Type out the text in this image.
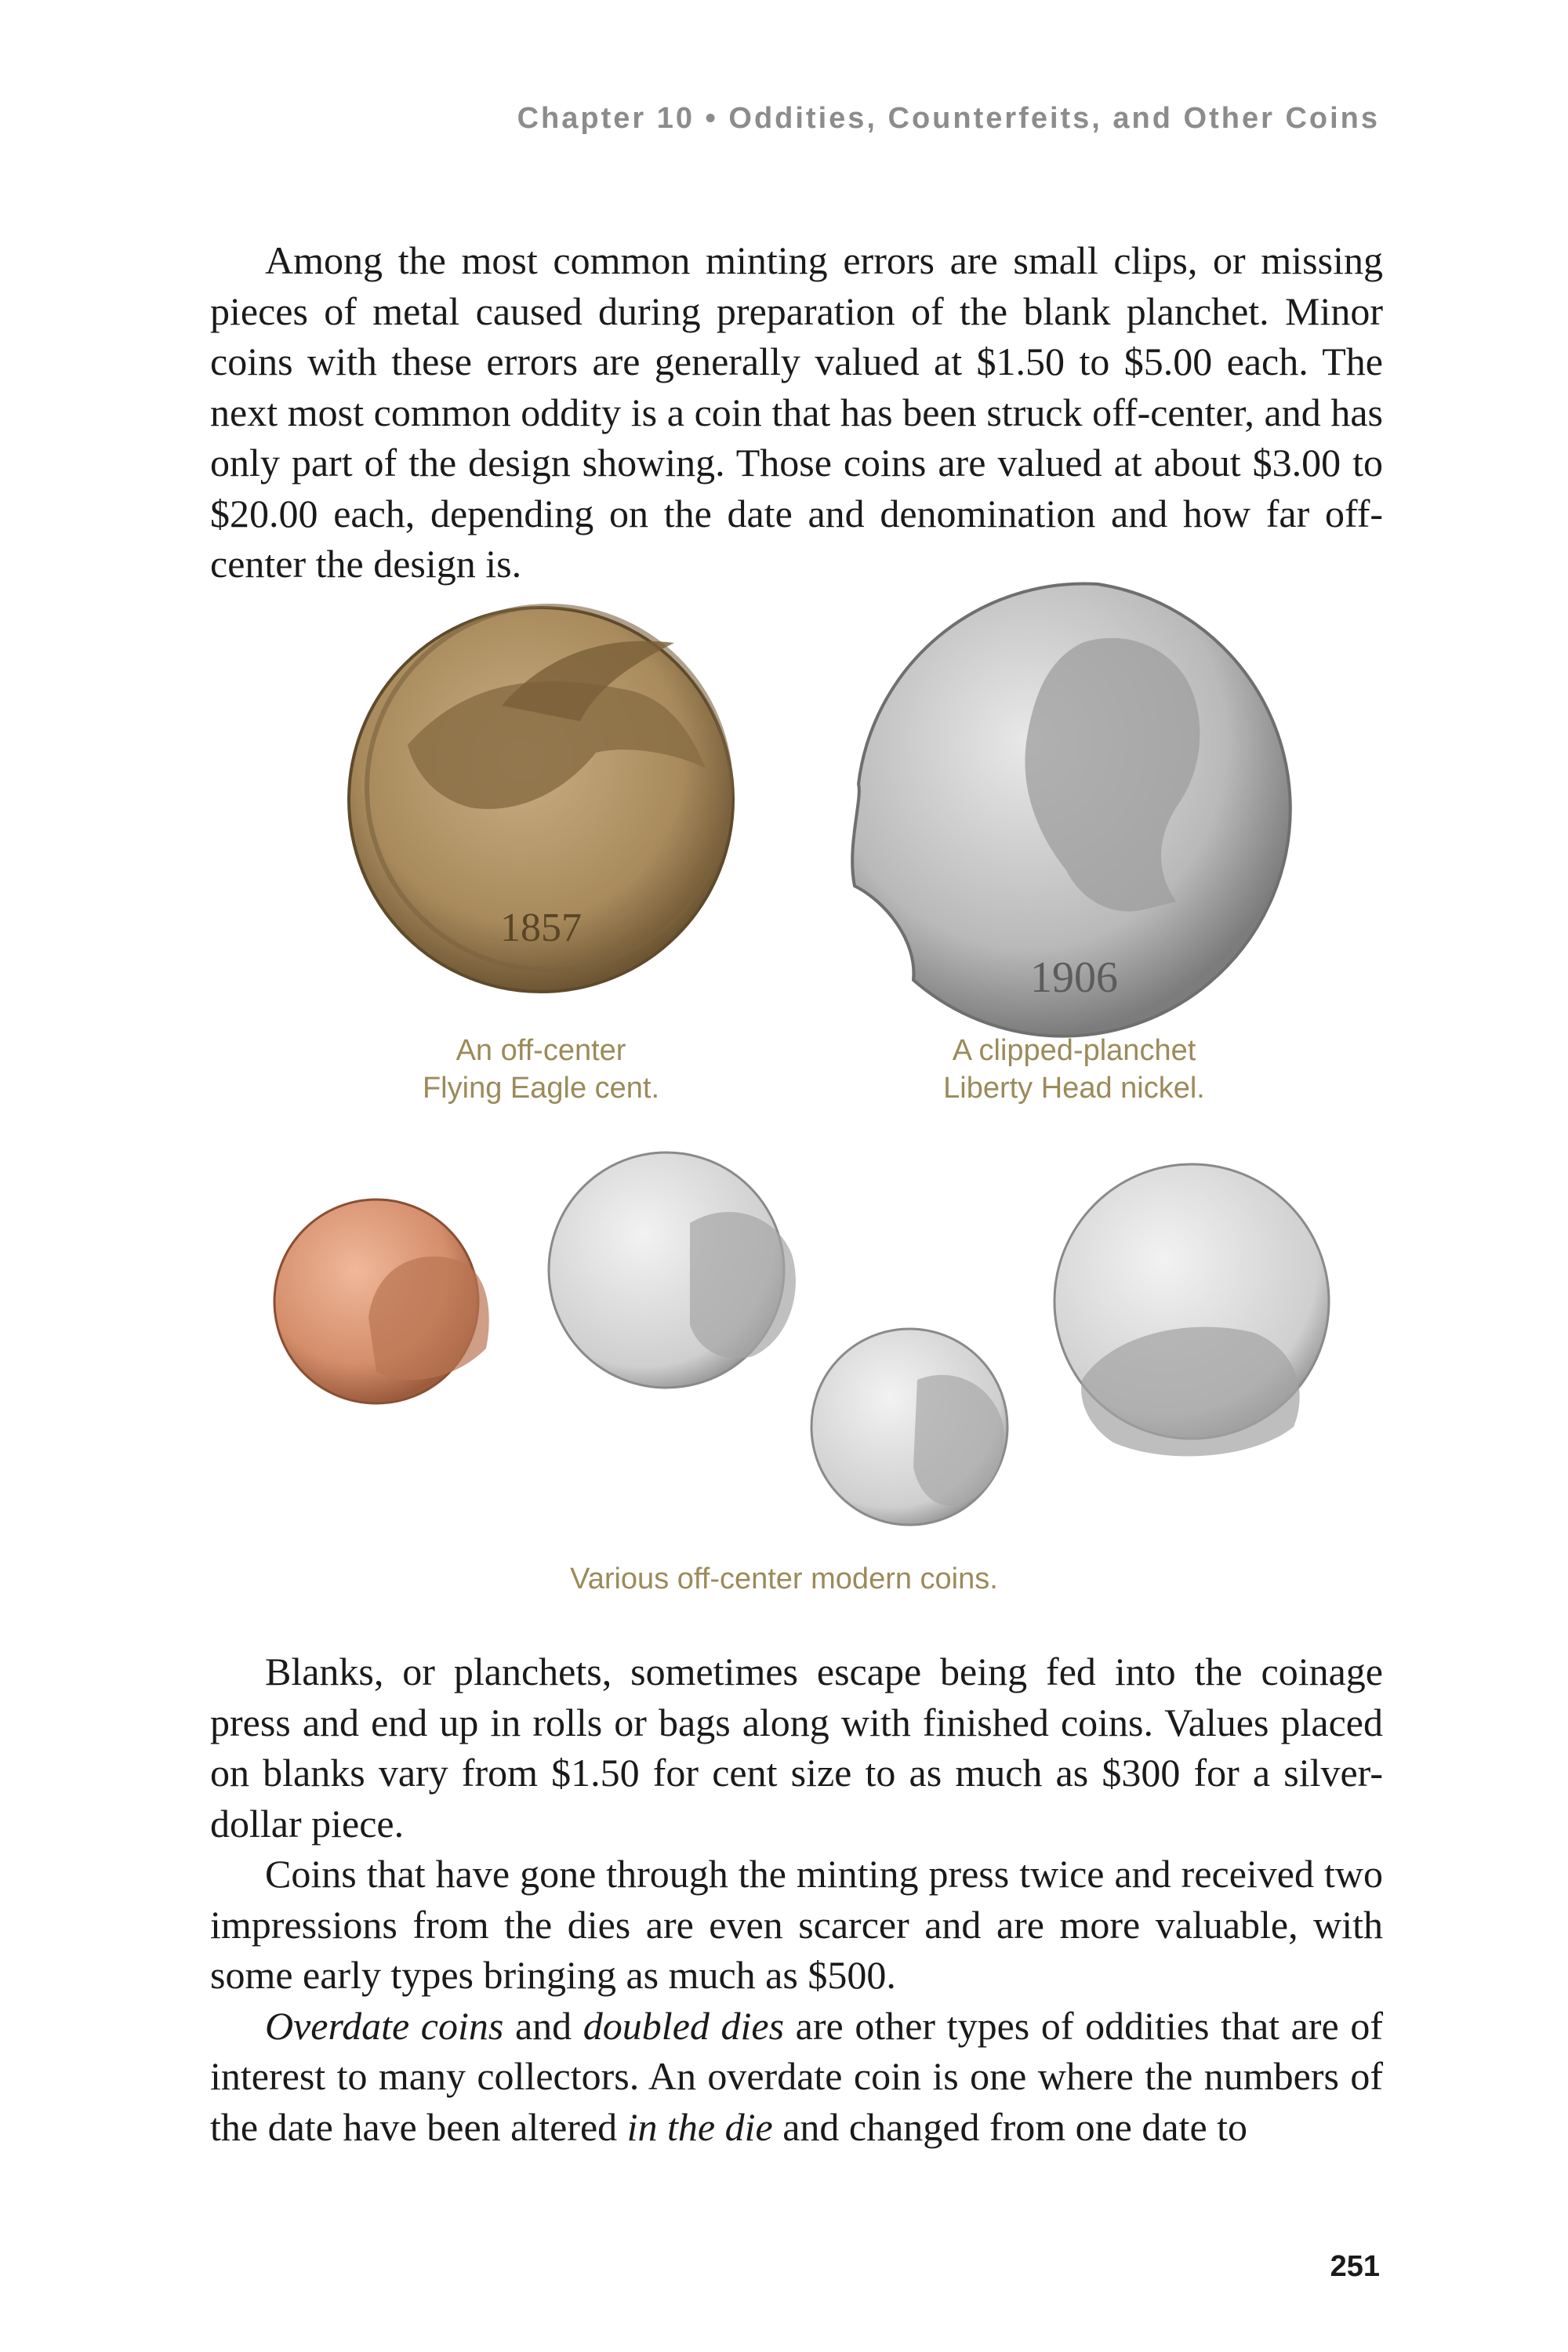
Chapter 10 • Oddities, Counterfeits, and Other Coins

Among the most common minting errors are small clips, or missing pieces of metal caused during preparation of the blank planchet. Minor coins with these errors are generally valued at $1.50 to $5.00 each. The next most common oddity is a coin that has been struck off-center, and has only part of the design showing. Those coins are valued at about $3.00 to $20.00 each, depending on the date and denomination and how far off-center the design is.

1857
1906
An off-center
Flying Eagle cent.
A clipped-planchet
Liberty Head nickel.
Various off-center modern coins.

Blanks, or planchets, sometimes escape being fed into the coinage press and end up in rolls or bags along with finished coins. Values placed on blanks vary from $1.50 for cent size to as much as $300 for a silver-dollar piece.

Coins that have gone through the minting press twice and received two impressions from the dies are even scarcer and are more valuable, with some early types bringing as much as $500.

Overdate coins and doubled dies are other types of oddities that are of interest to many collectors. An overdate coin is one where the numbers of the date have been altered in the die and changed from one date to

251
